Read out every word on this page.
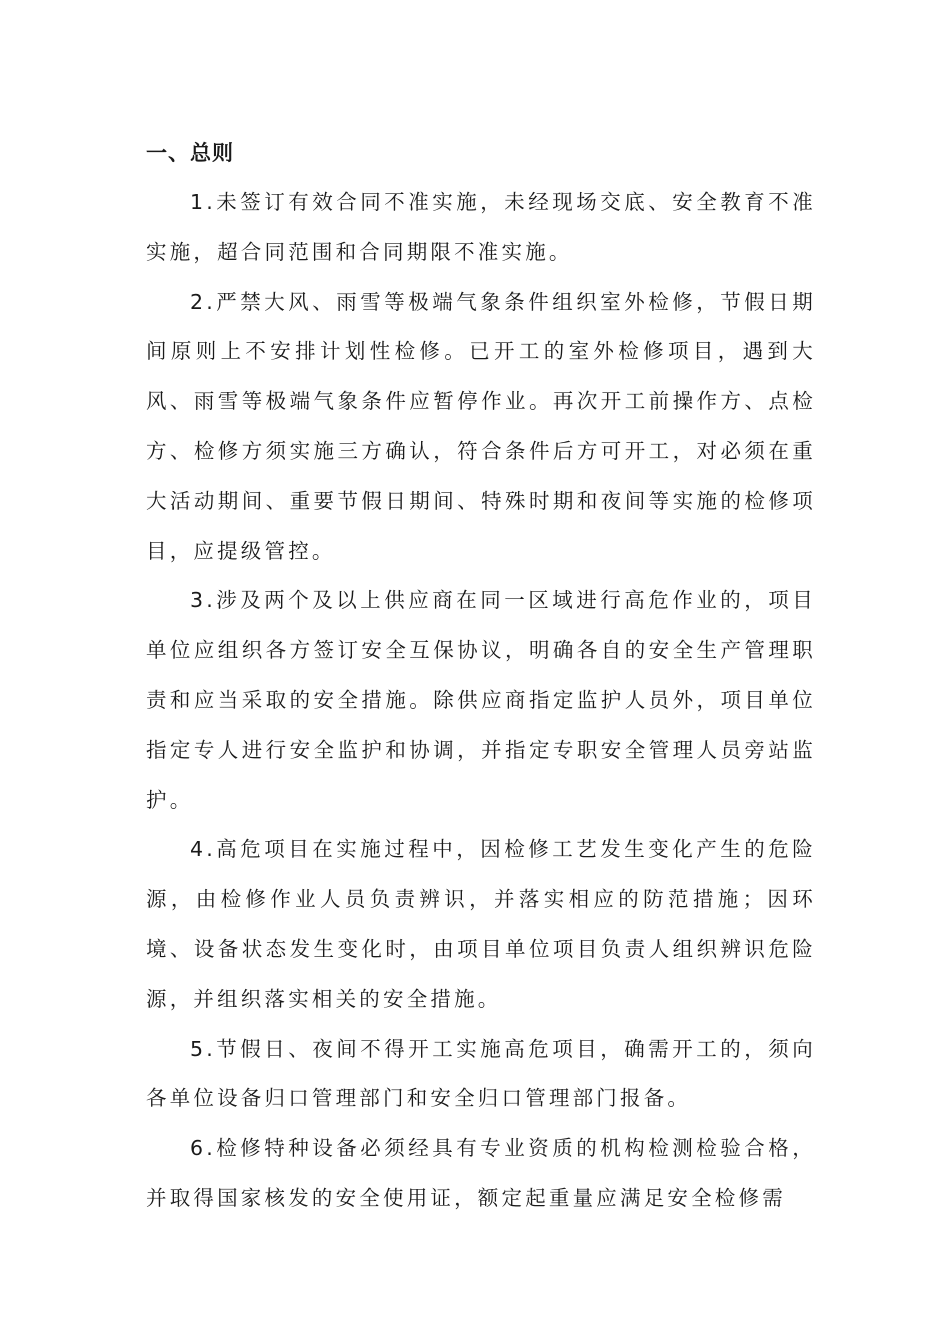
一、总则

1.未签订有效合同不准实施，未经现场交底、安全教育不准实施，超合同范围和合同期限不准实施。

2.严禁大风、雨雪等极端气象条件组织室外检修，节假日期间原则上不安排计划性检修。已开工的室外检修项目，遇到大风、雨雪等极端气象条件应暂停作业。再次开工前操作方、点检方、检修方须实施三方确认，符合条件后方可开工，对必须在重大活动期间、重要节假日期间、特殊时期和夜间等实施的检修项目，应提级管控。

3.涉及两个及以上供应商在同一区域进行高危作业的，项目单位应组织各方签订安全互保协议，明确各自的安全生产管理职责和应当采取的安全措施。除供应商指定监护人员外，项目单位指定专人进行安全监护和协调，并指定专职安全管理人员旁站监护。

4.高危项目在实施过程中，因检修工艺发生变化产生的危险源，由检修作业人员负责辨识，并落实相应的防范措施；因环境、设备状态发生变化时，由项目单位项目负责人组织辨识危险源，并组织落实相关的安全措施。

5.节假日、夜间不得开工实施高危项目，确需开工的，须向各单位设备归口管理部门和安全归口管理部门报备。

6.检修特种设备必须经具有专业资质的机构检测检验合格，并取得国家核发的安全使用证，额定起重量应满足安全检修需
